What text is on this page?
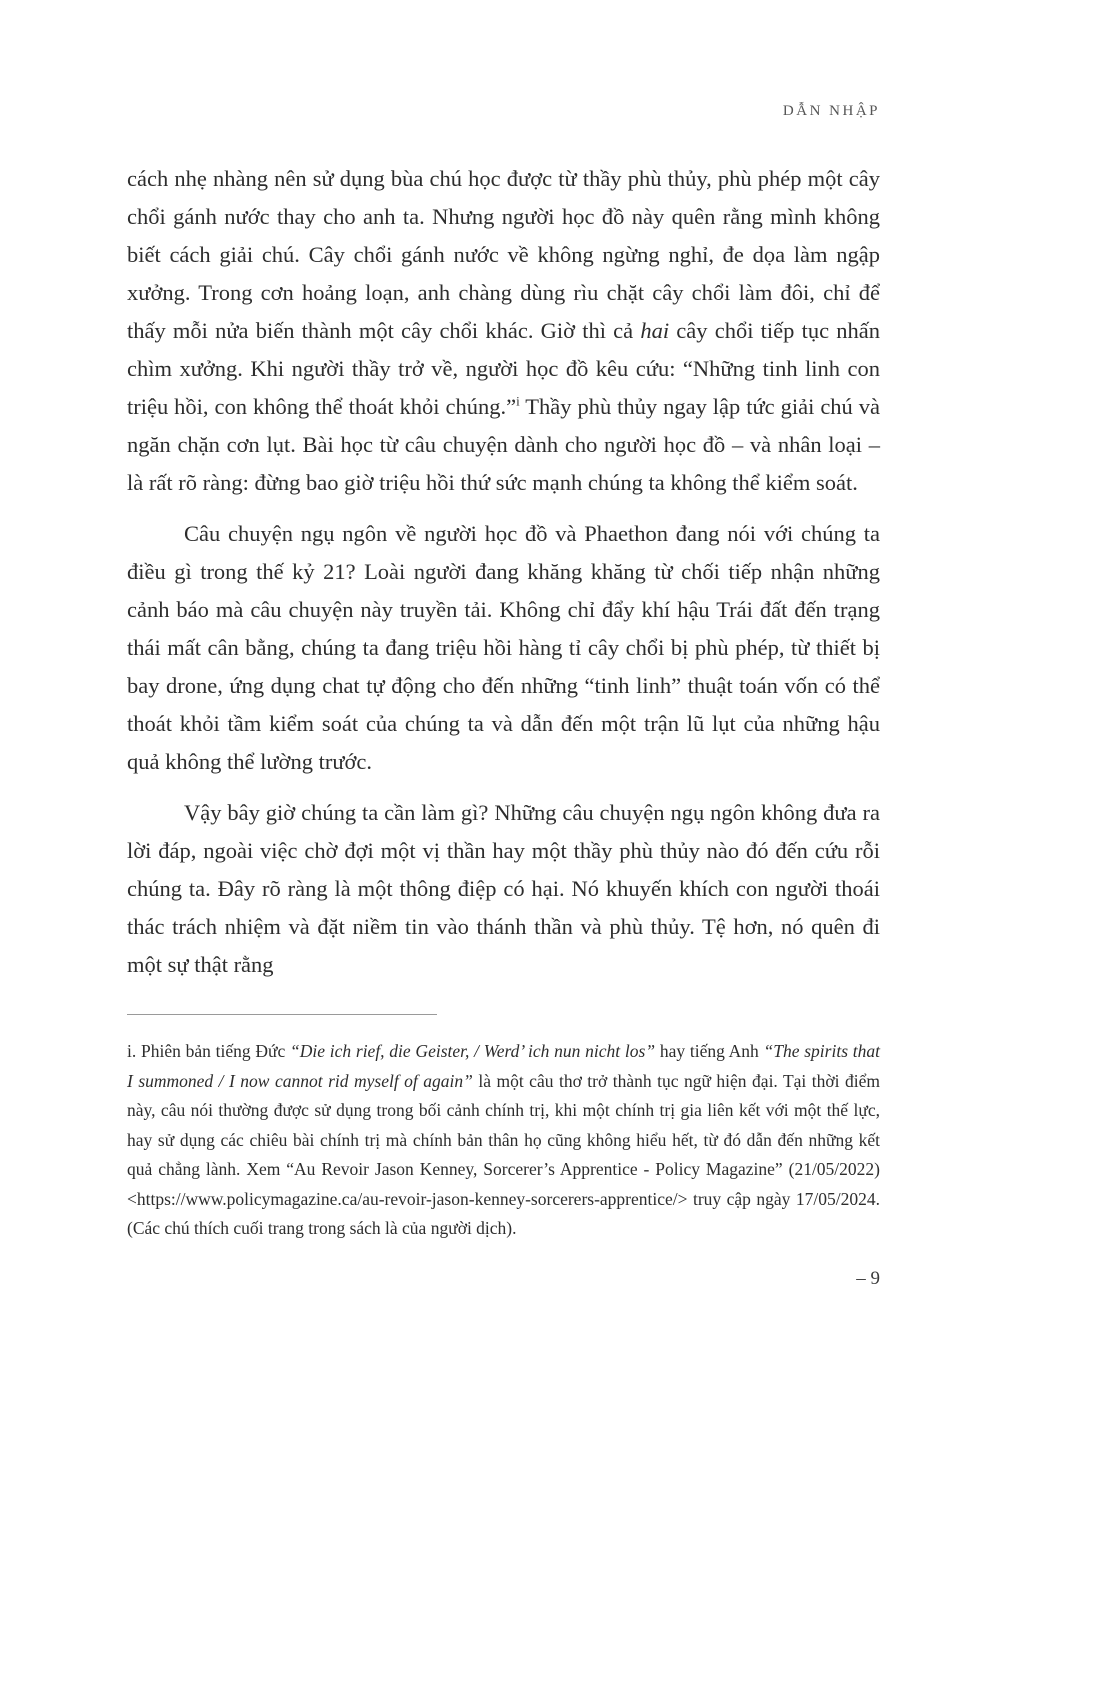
DẪN NHẬP

cách nhẹ nhàng nên sử dụng bùa chú học được từ thầy phù thủy, phù phép một cây chổi gánh nước thay cho anh ta. Nhưng người học đồ này quên rằng mình không biết cách giải chú. Cây chổi gánh nước về không ngừng nghỉ, đe dọa làm ngập xưởng. Trong cơn hoảng loạn, anh chàng dùng rìu chặt cây chổi làm đôi, chỉ để thấy mỗi nửa biến thành một cây chổi khác. Giờ thì cả hai cây chổi tiếp tục nhấn chìm xưởng. Khi người thầy trở về, người học đồ kêu cứu: “Những tinh linh con triệu hồi, con không thể thoát khỏi chúng.”$^i$ Thầy phù thủy ngay lập tức giải chú và ngăn chặn cơn lụt. Bài học từ câu chuyện dành cho người học đồ – và nhân loại – là rất rõ ràng: đừng bao giờ triệu hồi thứ sức mạnh chúng ta không thể kiểm soát.

Câu chuyện ngụ ngôn về người học đồ và Phaethon đang nói với chúng ta điều gì trong thế kỷ 21? Loài người đang khăng khăng từ chối tiếp nhận những cảnh báo mà câu chuyện này truyền tải. Không chỉ đẩy khí hậu Trái đất đến trạng thái mất cân bằng, chúng ta đang triệu hồi hàng tỉ cây chổi bị phù phép, từ thiết bị bay drone, ứng dụng chat tự động cho đến những “tinh linh” thuật toán vốn có thể thoát khỏi tầm kiểm soát của chúng ta và dẫn đến một trận lũ lụt của những hậu quả không thể lường trước.

Vậy bây giờ chúng ta cần làm gì? Những câu chuyện ngụ ngôn không đưa ra lời đáp, ngoài việc chờ đợi một vị thần hay một thầy phù thủy nào đó đến cứu rỗi chúng ta. Đây rõ ràng là một thông điệp có hại. Nó khuyến khích con người thoái thác trách nhiệm và đặt niềm tin vào thánh thần và phù thủy. Tệ hơn, nó quên đi một sự thật rằng

i. Phiên bản tiếng Đức “Die ich rief, die Geister, / Werd’ ich nun nicht los” hay tiếng Anh “The spirits that I summoned / I now cannot rid myself of again” là một câu thơ trở thành tục ngữ hiện đại. Tại thời điểm này, câu nói thường được sử dụng trong bối cảnh chính trị, khi một chính trị gia liên kết với một thế lực, hay sử dụng các chiêu bài chính trị mà chính bản thân họ cũng không hiểu hết, từ đó dẫn đến những kết quả chẳng lành. Xem “Au Revoir Jason Kenney, Sorcerer’s Apprentice - Policy Magazine” (21/05/2022) <https://www.policymagazine.ca/au-revoir-jason-kenney-sorcerers-apprentice/> truy cập ngày 17/05/2024. (Các chú thích cuối trang trong sách là của người dịch).

– 9
